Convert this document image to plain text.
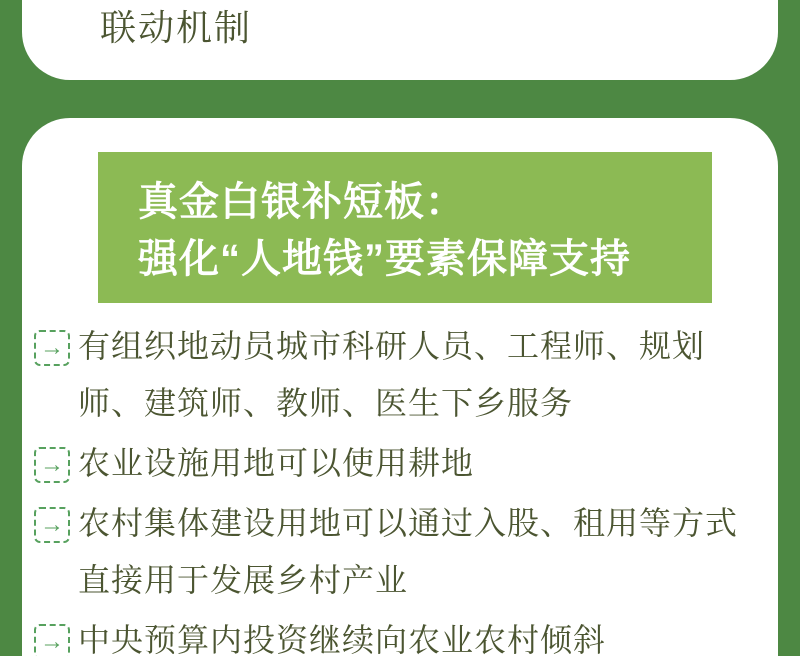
联动机制
真金白银补短板：
强化“人地钱”要素保障支持
→ 有组织地动员城市科研人员、工程师、规划师、建筑师、教师、医生下乡服务
→ 农业设施用地可以使用耕地
→ 农村集体建设用地可以通过入股、租用等方式直接用于发展乡村产业
→ 中央预算内投资继续向农业农村倾斜
